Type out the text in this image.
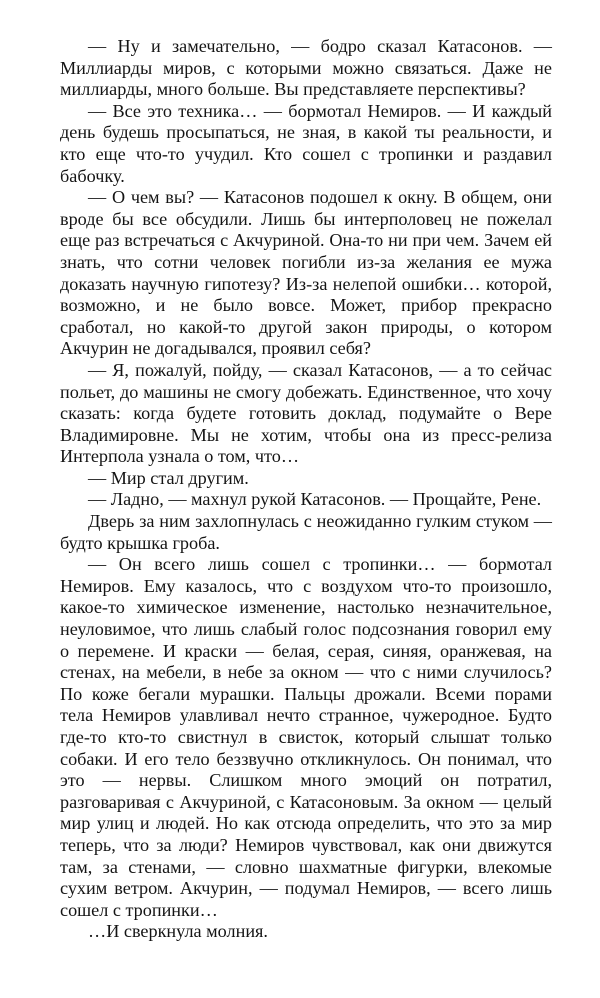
— Ну и замечательно, — бодро сказал Катасонов. — Миллиарды миров, с которыми можно связаться. Даже не миллиарды, много больше. Вы представляете перспективы?

— Все это техника… — бормотал Немиров. — И каждый день будешь просыпаться, не зная, в какой ты реальности, и кто еще что-то учудил. Кто сошел с тропинки и раздавил бабочку.

— О чем вы? — Катасонов подошел к окну. В общем, они вроде бы все обсудили. Лишь бы интерполовец не пожелал еще раз встречаться с Акчуриной. Она-то ни при чем. Зачем ей знать, что сотни человек погибли из-за желания ее мужа доказать научную гипотезу? Из-за нелепой ошибки… которой, возможно, и не было вовсе. Может, прибор прекрасно сработал, но какой-то другой закон природы, о котором Акчурин не догадывался, проявил себя?

— Я, пожалуй, пойду, — сказал Катасонов, — а то сейчас польет, до машины не смогу добежать. Единственное, что хочу сказать: когда будете готовить доклад, подумайте о Вере Владимировне. Мы не хотим, чтобы она из пресс-релиза Интерпола узнала о том, что…

— Мир стал другим.

— Ладно, — махнул рукой Катасонов. — Прощайте, Рене.

Дверь за ним захлопнулась с неожиданно гулким стуком — будто крышка гроба.

— Он всего лишь сошел с тропинки… — бормотал Немиров. Ему казалось, что с воздухом что-то произошло, какое-то химическое изменение, настолько незначительное, неуловимое, что лишь слабый голос подсознания говорил ему о перемене. И краски — белая, серая, синяя, оранжевая, на стенах, на мебели, в небе за окном — что с ними случилось? По коже бегали мурашки. Пальцы дрожали. Всеми порами тела Немиров улавливал нечто странное, чужеродное. Будто где-то кто-то свистнул в свисток, который слышат только собаки. И его тело беззвучно откликнулось. Он понимал, что это — нервы. Слишком много эмоций он потратил, разговаривая с Акчуриной, с Катасоновым. За окном — целый мир улиц и людей. Но как отсюда определить, что это за мир теперь, что за люди? Немиров чувствовал, как они движутся там, за стенами, — словно шахматные фигурки, влекомые сухим ветром. Акчурин, — подумал Немиров, — всего лишь сошел с тропинки…

…И сверкнула молния.
